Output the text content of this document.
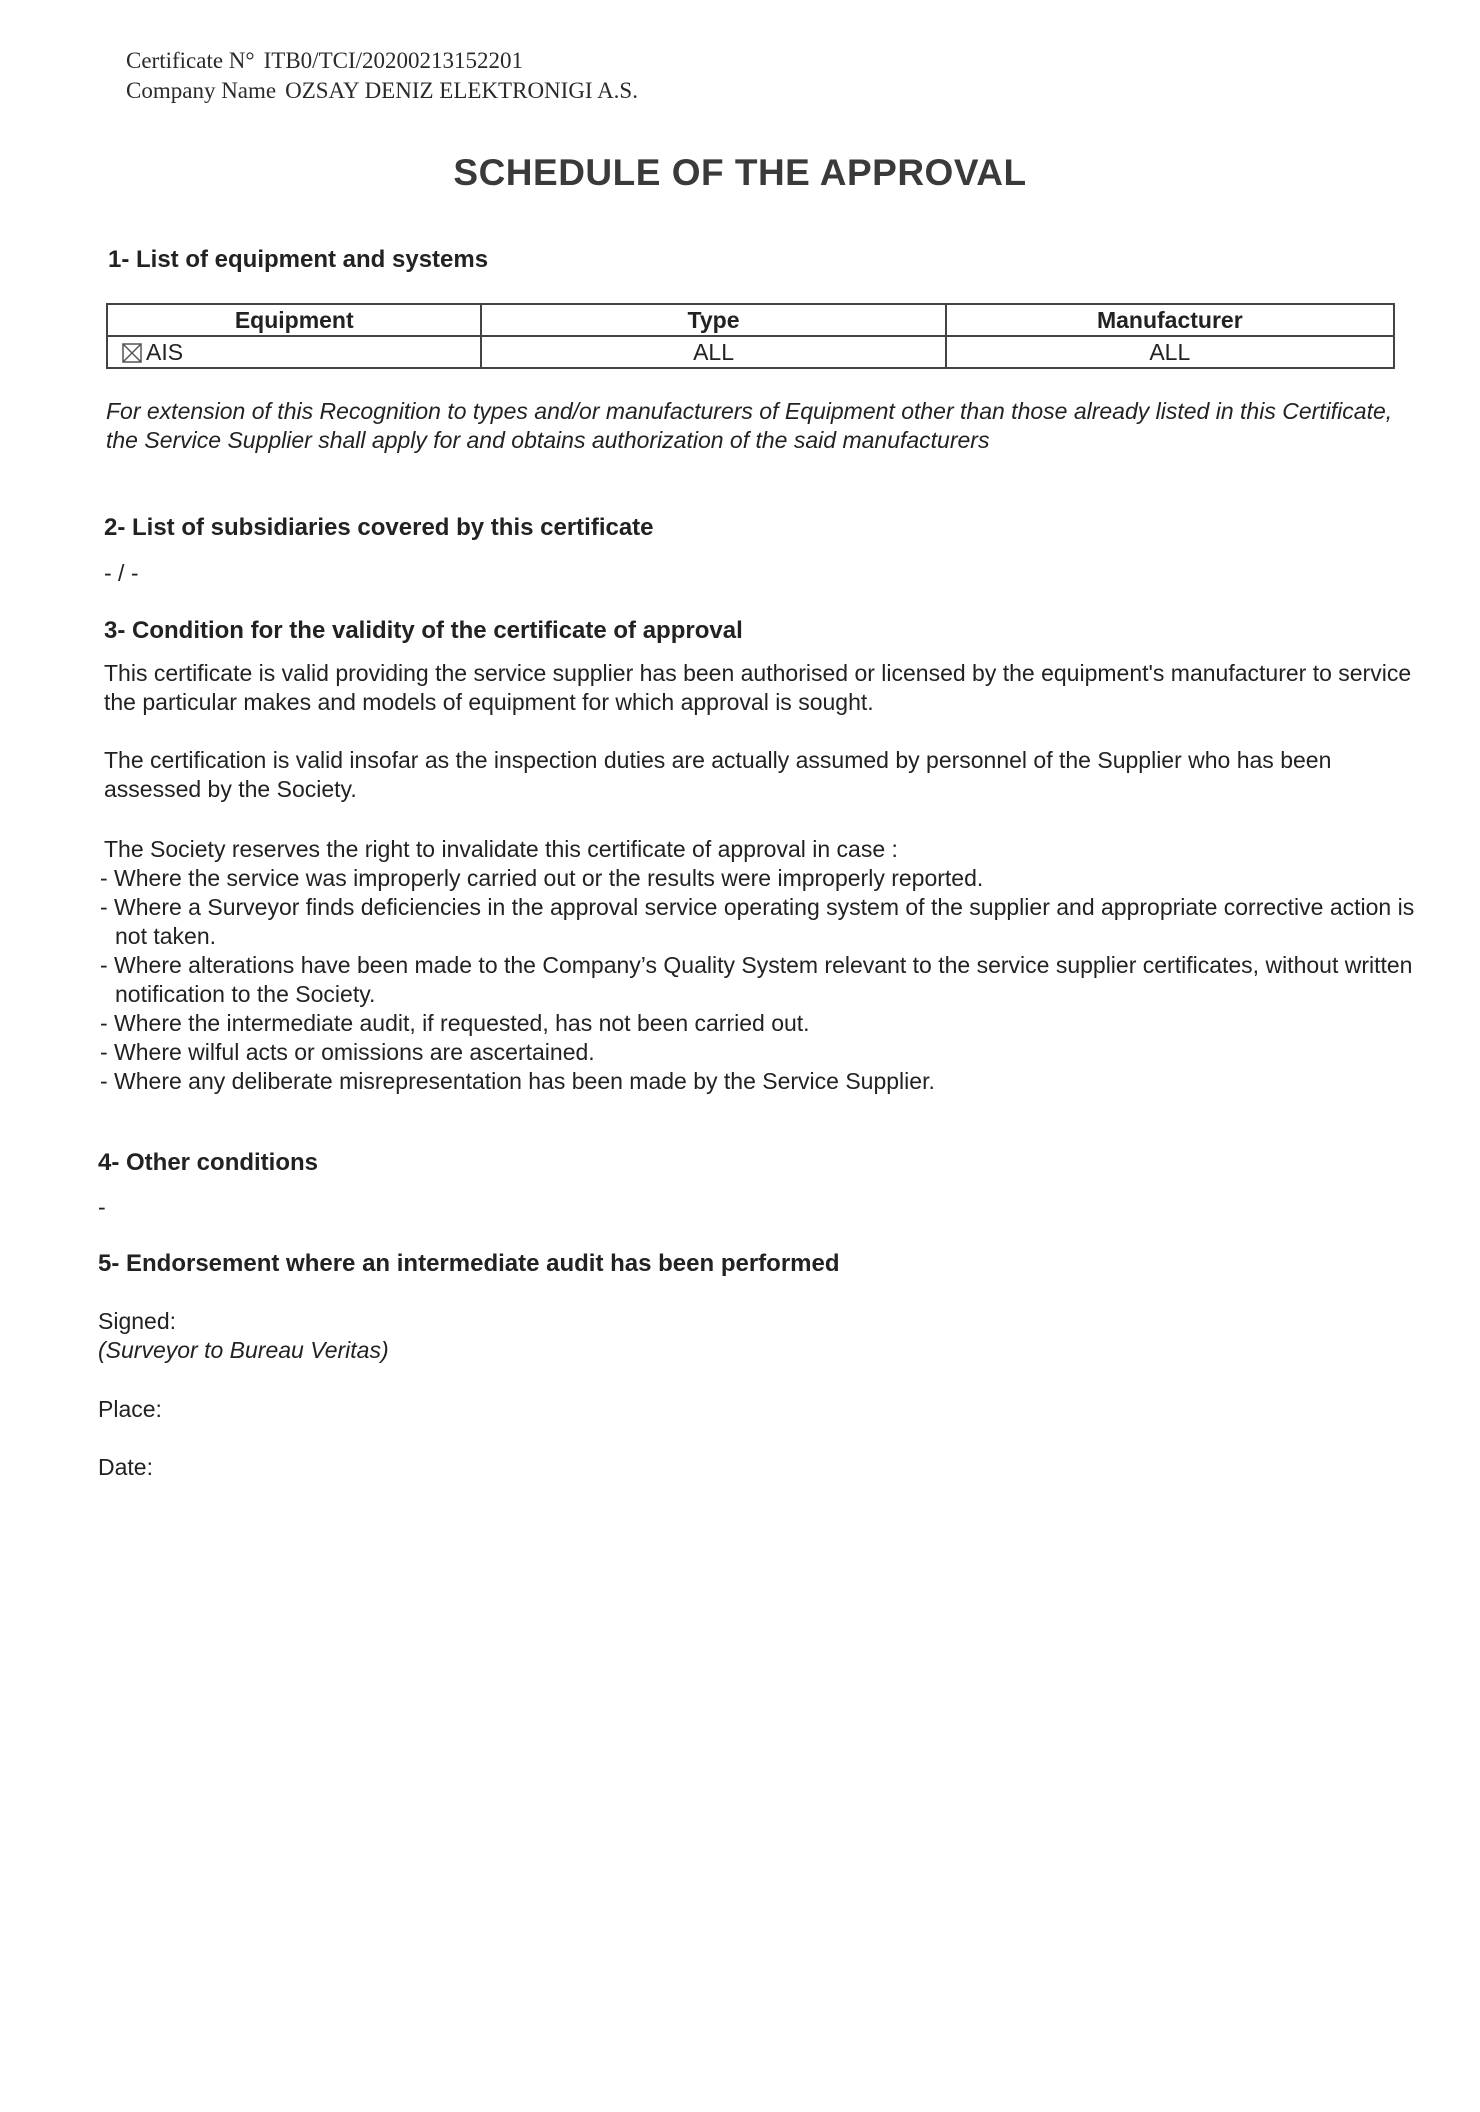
Certificate N° ITB0/TCI/20200213152201
Company Name OZSAY DENIZ ELEKTRONIGI A.S.
SCHEDULE OF THE APPROVAL
1- List of equipment and systems
Equipment	Type	Manufacturer
AIS	ALL	ALL
For extension of this Recognition to types and/or manufacturers of Equipment other than those already listed in this Certificate, the Service Supplier shall apply for and obtains authorization of the said manufacturers
2- List of subsidiaries covered by this certificate
- / -
3- Condition for the validity of the certificate of approval
This certificate is valid providing the service supplier has been authorised or licensed by the equipment's manufacturer to service the particular makes and models of equipment for which approval is sought.
The certification is valid insofar as the inspection duties are actually assumed by personnel of the Supplier who has been assessed by the Society.
The Society reserves the right to invalidate this certificate of approval in case :
- Where the service was improperly carried out or the results were improperly reported.
- Where a Surveyor finds deficiencies in the approval service operating system of the supplier and appropriate corrective action is not taken.
- Where alterations have been made to the Company’s Quality System relevant to the service supplier certificates, without written notification to the Society.
- Where the intermediate audit, if requested, has not been carried out.
- Where wilful acts or omissions are ascertained.
- Where any deliberate misrepresentation has been made by the Service Supplier.
4- Other conditions
-
5- Endorsement where an intermediate audit has been performed
Signed:
(Surveyor to Bureau Veritas)
Place:
Date:
